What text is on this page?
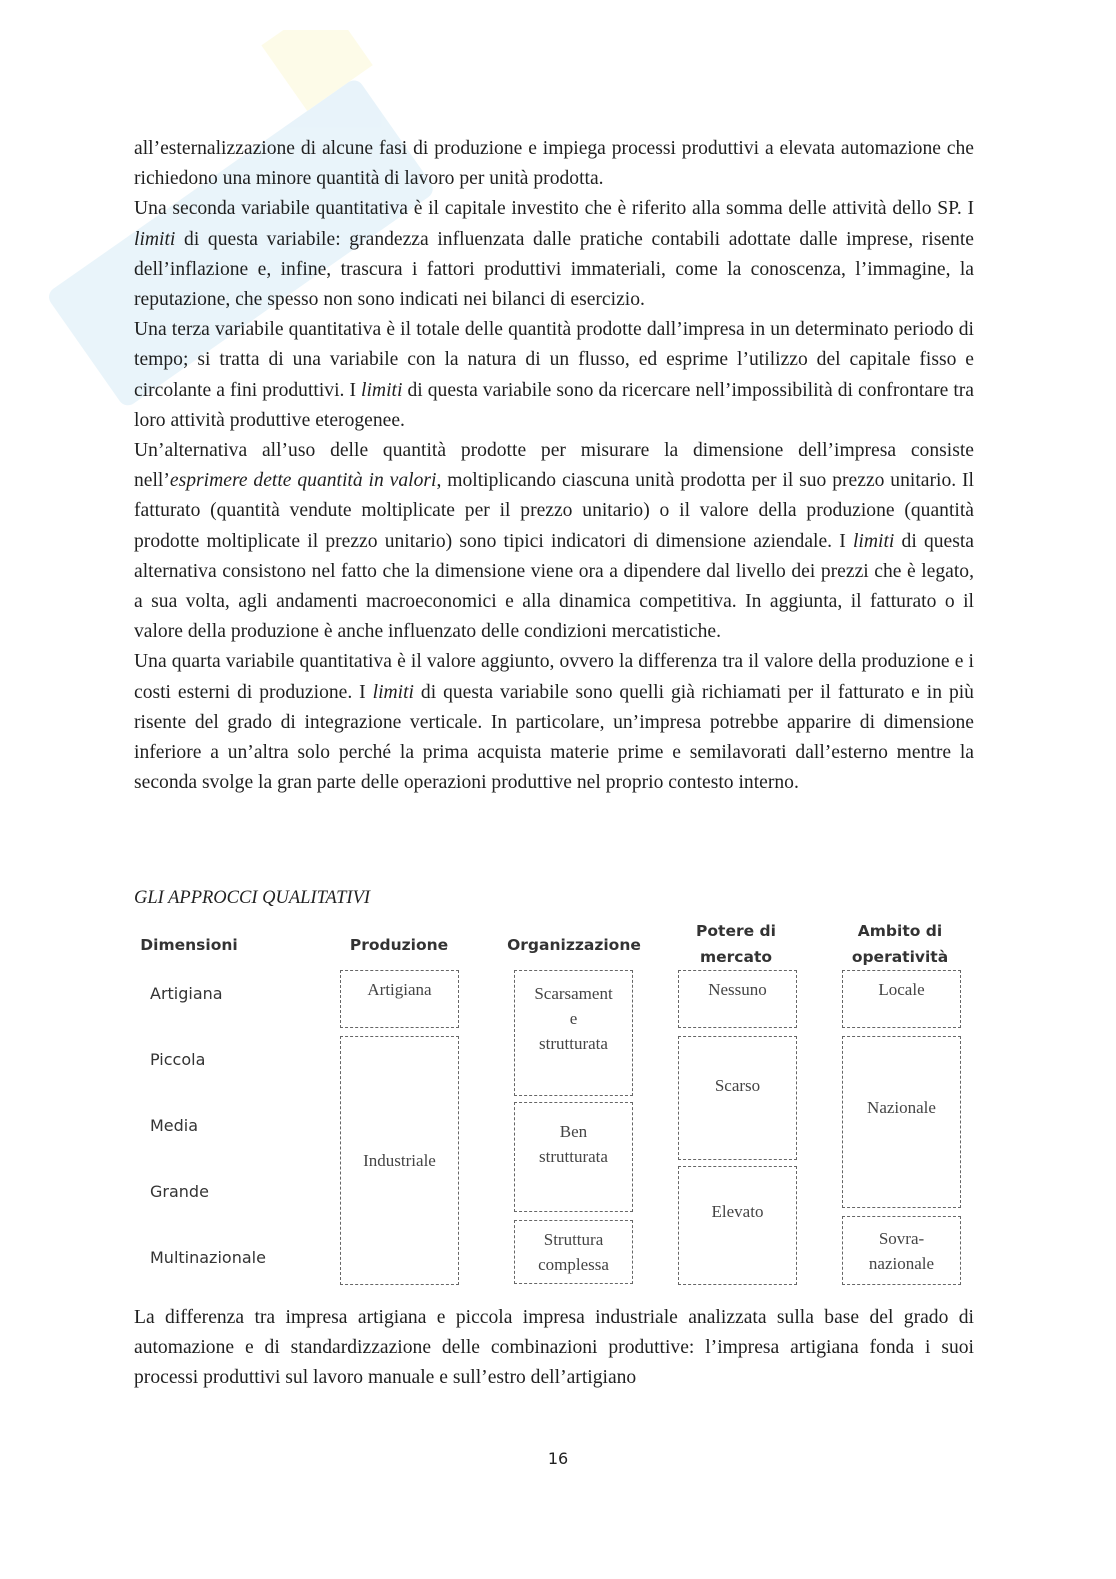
all’esternalizzazione di alcune fasi di produzione e impiega processi produttivi a elevata automazione che richiedono una minore quantità di lavoro per unità prodotta.

Una seconda variabile quantitativa è il capitale investito che è riferito alla somma delle attività dello SP. I limiti di questa variabile: grandezza influenzata dalle pratiche contabili adottate dalle imprese, risente dell’inflazione e, infine, trascura i fattori produttivi immateriali, come la conoscenza, l’immagine, la reputazione, che spesso non sono indicati nei bilanci di esercizio.

Una terza variabile quantitativa è il totale delle quantità prodotte dall’impresa in un determinato periodo di tempo; si tratta di una variabile con la natura di un flusso, ed esprime l’utilizzo del capitale fisso e circolante a fini produttivi. I limiti di questa variabile sono da ricercare nell’impossibilità di confrontare tra loro attività produttive eterogenee.

Un’alternativa all’uso delle quantità prodotte per misurare la dimensione dell’impresa consiste nell’esprimere dette quantità in valori, moltiplicando ciascuna unità prodotta per il suo prezzo unitario. Il fatturato (quantità vendute moltiplicate per il prezzo unitario) o il valore della produzione (quantità prodotte moltiplicate il prezzo unitario) sono tipici indicatori di dimensione aziendale. I limiti di questa alternativa consistono nel fatto che la dimensione viene ora a dipendere dal livello dei prezzi che è legato, a sua volta, agli andamenti macroeconomici e alla dinamica competitiva. In aggiunta, il fatturato o il valore della produzione è anche influenzato delle condizioni mercatistiche.

Una quarta variabile quantitativa è il valore aggiunto, ovvero la differenza tra il valore della produzione e i costi esterni di produzione. I limiti di questa variabile sono quelli già richiamati per il fatturato e in più risente del grado di integrazione verticale. In particolare, un’impresa potrebbe apparire di dimensione inferiore a un’altra solo perché la prima acquista materie prime e semilavorati dall’esterno mentre la seconda svolge la gran parte delle operazioni produttive nel proprio contesto interno.

GLI APPROCCI QUALITATIVI
Dimensioni	Produzione	Organizzazione
Potere di
mercato
Ambito di
operatività
Artigiana
Piccola
Media
Grande
Multinazionale
Artigiana
Industriale
Scarsament
e
strutturata
Ben
strutturata
Struttura
complessa
Nessuno
Scarso
Elevato
Locale
Nazionale
Sovra-
nazionale

La differenza tra impresa artigiana e piccola impresa industriale analizzata sulla base del grado di automazione e di standardizzazione delle combinazioni produttive: l’impresa artigiana fonda i suoi processi produttivi sul lavoro manuale e sull’estro dell’artigiano

16
